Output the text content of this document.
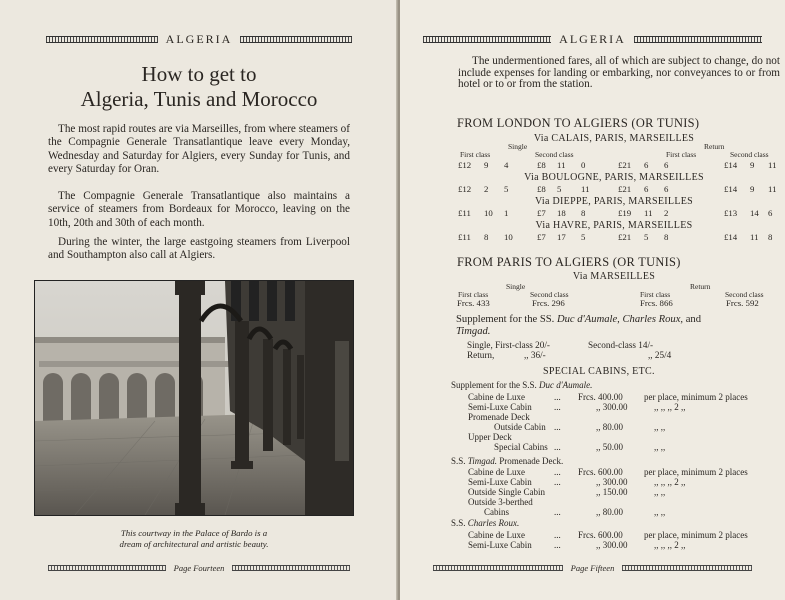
ALGERIA
How to get to
Algeria, Tunis and Morocco
The most rapid routes are via Marseilles, from where steamers of the Compagnie Generale Transatlantique leave every Monday, Wednesday and Saturday for Algiers, every Sunday for Tunis, and every Saturday for Oran.
The Compagnie Generale Transatlantique also maintains a service of steamers from Bordeaux for Morocco, leaving on the 10th, 20th and 30th of each month.
During the winter, the large eastgoing steamers from Liverpool and Southampton also call at Algiers.
This courtway in the Palace of Bardo is a
dream of architectural and artistic beauty.
Page Fourteen
ALGERIA
The undermentioned fares, all of which are subject to change, do not include expenses for landing or embarking, nor conveyances to or from hotel or to or from the station.
FROM LONDON TO ALGIERS (OR TUNIS)
Via CALAIS, PARIS, MARSEILLES
Single	Return
First class	Second class	First class	Second class
£12 9 4	£8 11 0	£21 6 6	£14 9 11
Via BOULOGNE, PARIS, MARSEILLES
£12 2 5	£8 5 11	£21 6 6	£14 9 11
Via DIEPPE, PARIS, MARSEILLES
£11 10 1	£7 18 8	£19 11 2	£13 14 6
Via HAVRE, PARIS, MARSEILLES
£11 8 10	£7 17 5	£21 5 8	£14 11 8
FROM PARIS TO ALGIERS (OR TUNIS)
Via MARSEILLES
Single	Return
First class	Second class	First class	Second class
Frcs. 433	Frcs. 296	Frcs. 866	Frcs. 592
Supplement for the SS. Duc d'Aumale, Charles Roux, and
Timgad.
Single, First-class 20/-	Second-class 14/-
Return,	,, 36/-	,, 25/4
SPECIAL CABINS, ETC.
Supplement for the S.S. Duc d'Aumale.
Cabine de Luxe	... Frcs. 400.00 per place, minimum 2 places
Semi-Luxe Cabin ...	,, 300.00	,, ,, ,, 2 ,,
Promenade Deck
Outside Cabin ...	,, 80.00	,, ,,
Upper Deck
Special Cabins ...	,, 50.00	,, ,,
S.S. Timgad. Promenade Deck.
Cabine de Luxe	... Frcs. 600.00 per place, minimum 2 places
Semi-Luxe Cabin ...	,, 300.00	,, ,, ,, 2 ,,
Outside Single Cabin	,, 150.00	,, ,,
Outside 3-berthed
Cabins	...	,, 80.00	,, ,,
S.S. Charles Roux.
Cabine de Luxe	... Frcs. 600.00 per place, minimum 2 places
Semi-Luxe Cabin ...	,, 300.00	,, ,, ,, 2 ,,
Page Fifteen
